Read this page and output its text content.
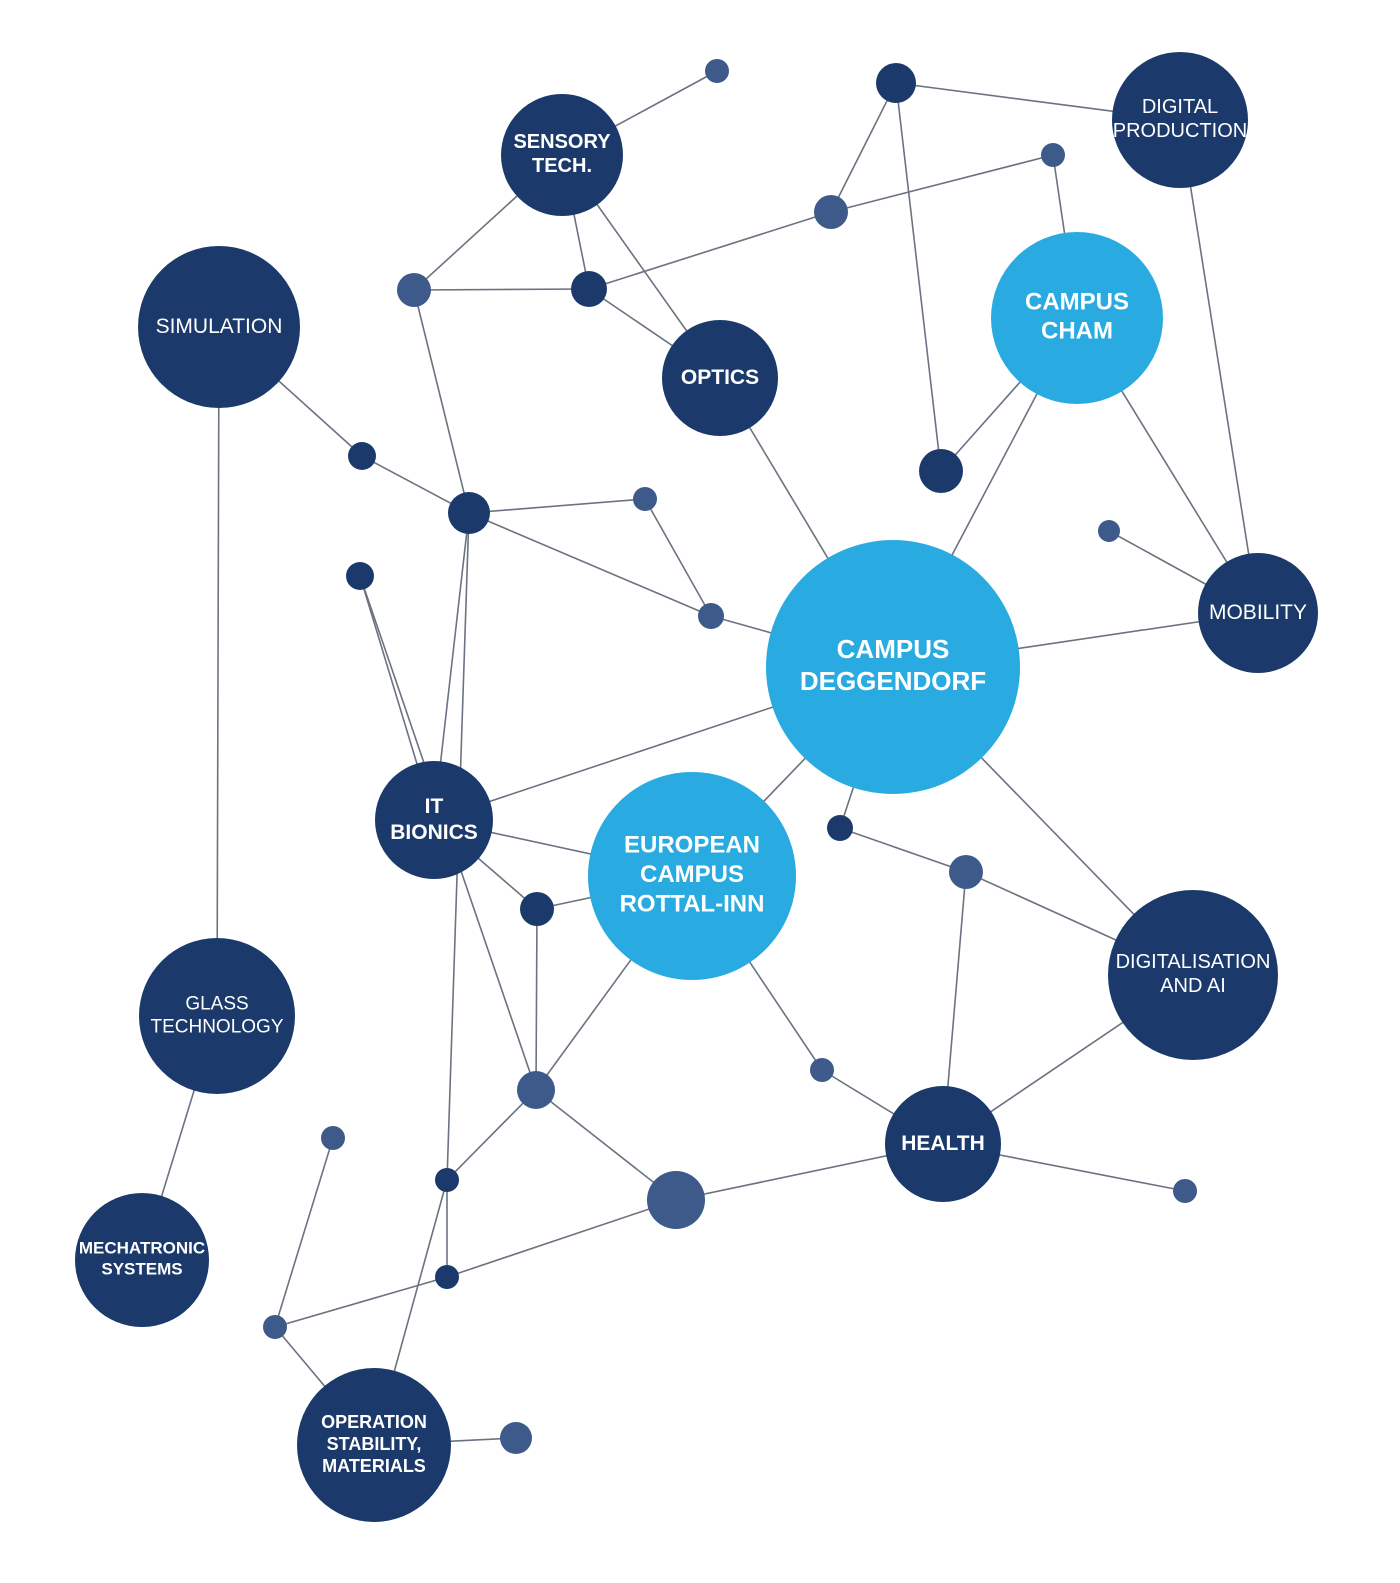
SENSORY TECH.
DIGITAL PRODUCTION
CAMPUS CHAM
SIMULATION
OPTICS
MOBILITY
CAMPUS DEGGENDORF
IT BIONICS
EUROPEAN CAMPUS ROTTAL-INN
DIGITALISATION AND AI
GLASS TECHNOLOGY
HEALTH
MECHATRONIC SYSTEMS
OPERATION STABILITY, MATERIALS
